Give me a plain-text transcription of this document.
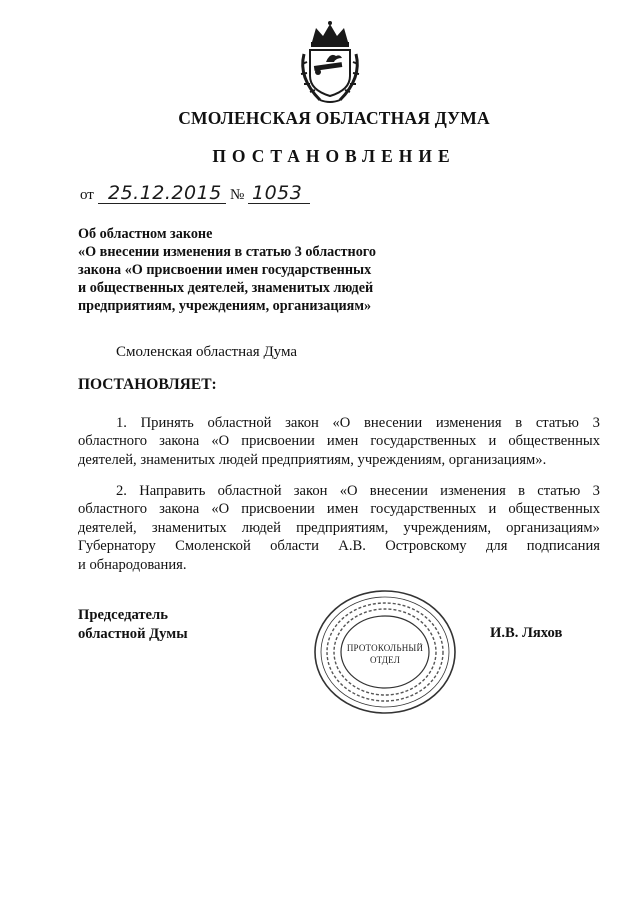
СМОЛЕНСКАЯ ОБЛАСТНАЯ ДУМА
ПОСТАНОВЛЕНИЕ
от 25.12.2015 № 1053
Об областном законе
«О внесении изменения в статью 3 областного
закона «О присвоении имен государственных
и общественных деятелей, знаменитых людей
предприятиям, учреждениям, организациям»
Смоленская областная Дума
ПОСТАНОВЛЯЕТ:
1. Принять областной закон «О внесении изменения в статью 3
областного закона «О присвоении имен государственных и общественных
деятелей, знаменитых людей предприятиям, учреждениям, организациям».
2. Направить областной закон «О внесении изменения в статью 3
областного закона «О присвоении имен государственных и общественных
деятелей, знаменитых людей предприятиям, учреждениям, организациям»
Губернатору Смоленской области А.В. Островскому для подписания
и обнародования.
Председатель
областной Думы	И.В. Ляхов
ПРОТОКОЛЬНЫЙ
ОТДЕЛ
